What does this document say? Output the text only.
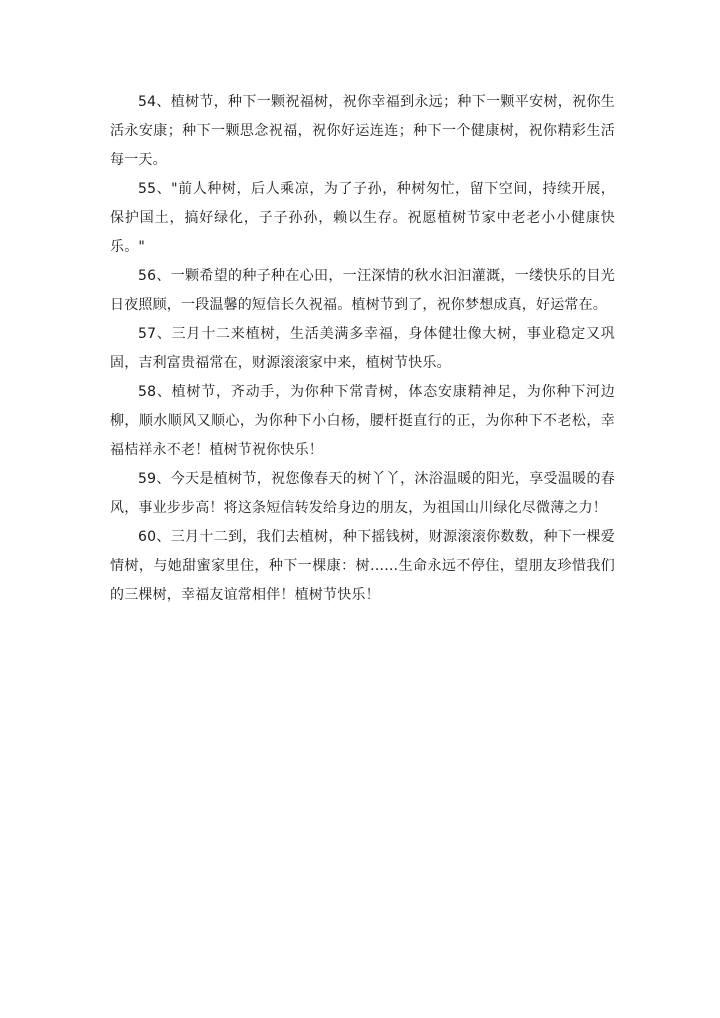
54、植树节，种下一颗祝福树，祝你幸福到永远；种下一颗平安树，祝你生活永安康；种下一颗思念祝福，祝你好运连连；种下一个健康树，祝你精彩生活每一天。

55、"前人种树，后人乘凉，为了子孙，种树匆忙，留下空间，持续开展，保护国土，搞好绿化，子子孙孙，赖以生存。祝愿植树节家中老老小小健康快乐。"

56、一颗希望的种子种在心田，一汪深情的秋水汩汩灌溉，一缕快乐的目光日夜照顾，一段温馨的短信长久祝福。植树节到了，祝你梦想成真，好运常在。

57、三月十二来植树，生活美满多幸福，身体健壮像大树，事业稳定又巩固，吉利富贵福常在，财源滚滚家中来，植树节快乐。

58、植树节，齐动手，为你种下常青树，体态安康精神足，为你种下河边柳，顺水顺风又顺心，为你种下小白杨，腰杆挺直行的正，为你种下不老松，幸福桔祥永不老！植树节祝你快乐！

59、今天是植树节，祝您像春天的树丫丫，沐浴温暖的阳光，享受温暖的春风，事业步步高！将这条短信转发给身边的朋友，为祖国山川绿化尽微薄之力！

60、三月十二到，我们去植树，种下摇钱树，财源滚滚你数数，种下一棵爱情树，与她甜蜜家里住，种下一棵康：树……生命永远不停住，望朋友珍惜我们的三棵树，幸福友谊常相伴！植树节快乐！
